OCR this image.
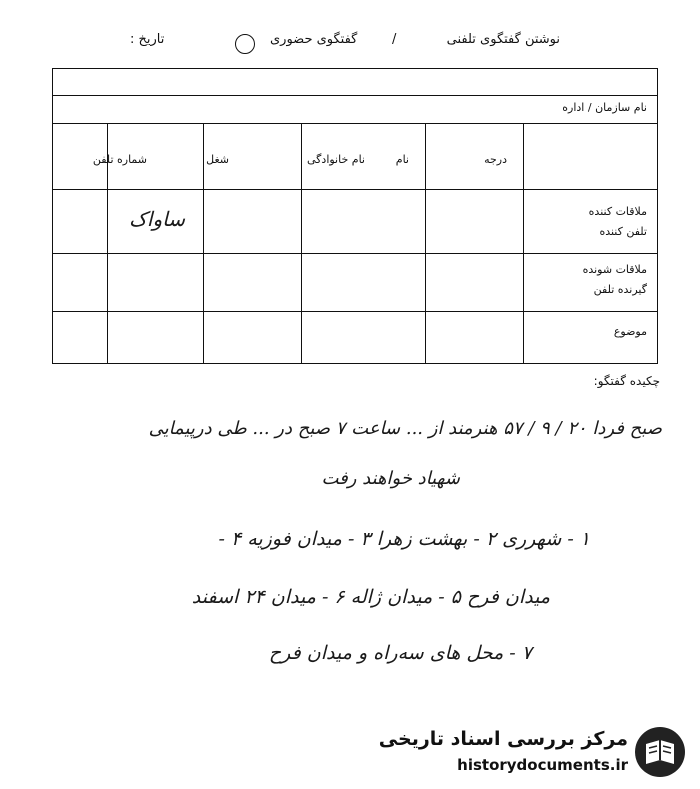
نوشتن گفتگوی تلفنی
/
گفتگوی حضوری
تاریخ :
نام سازمان / اداره
درجه
نام
نام خانوادگی
شغل
شماره تلفن
ملاقات کننده
تلفن کننده
ملاقات شونده
گیرنده تلفن
موضوع
ساواک
چکیده گفتگو:
صبح فردا ۲۰ / ۹ / ۵۷ هنرمند از ... ساعت ۷ صبح در ... طی درپیمایی
شهیاد خواهند رفت
۱ - شهرری ۲ - بهشت زهرا ۳ - میدان فوزیه ۴ -
میدان فرح ۵ - میدان ژاله ۶ - میدان ۲۴ اسفند
۷ - محل های سه‌راه و میدان فرح
مرکز بررسی اسناد تاریخی
historydocuments.ir
